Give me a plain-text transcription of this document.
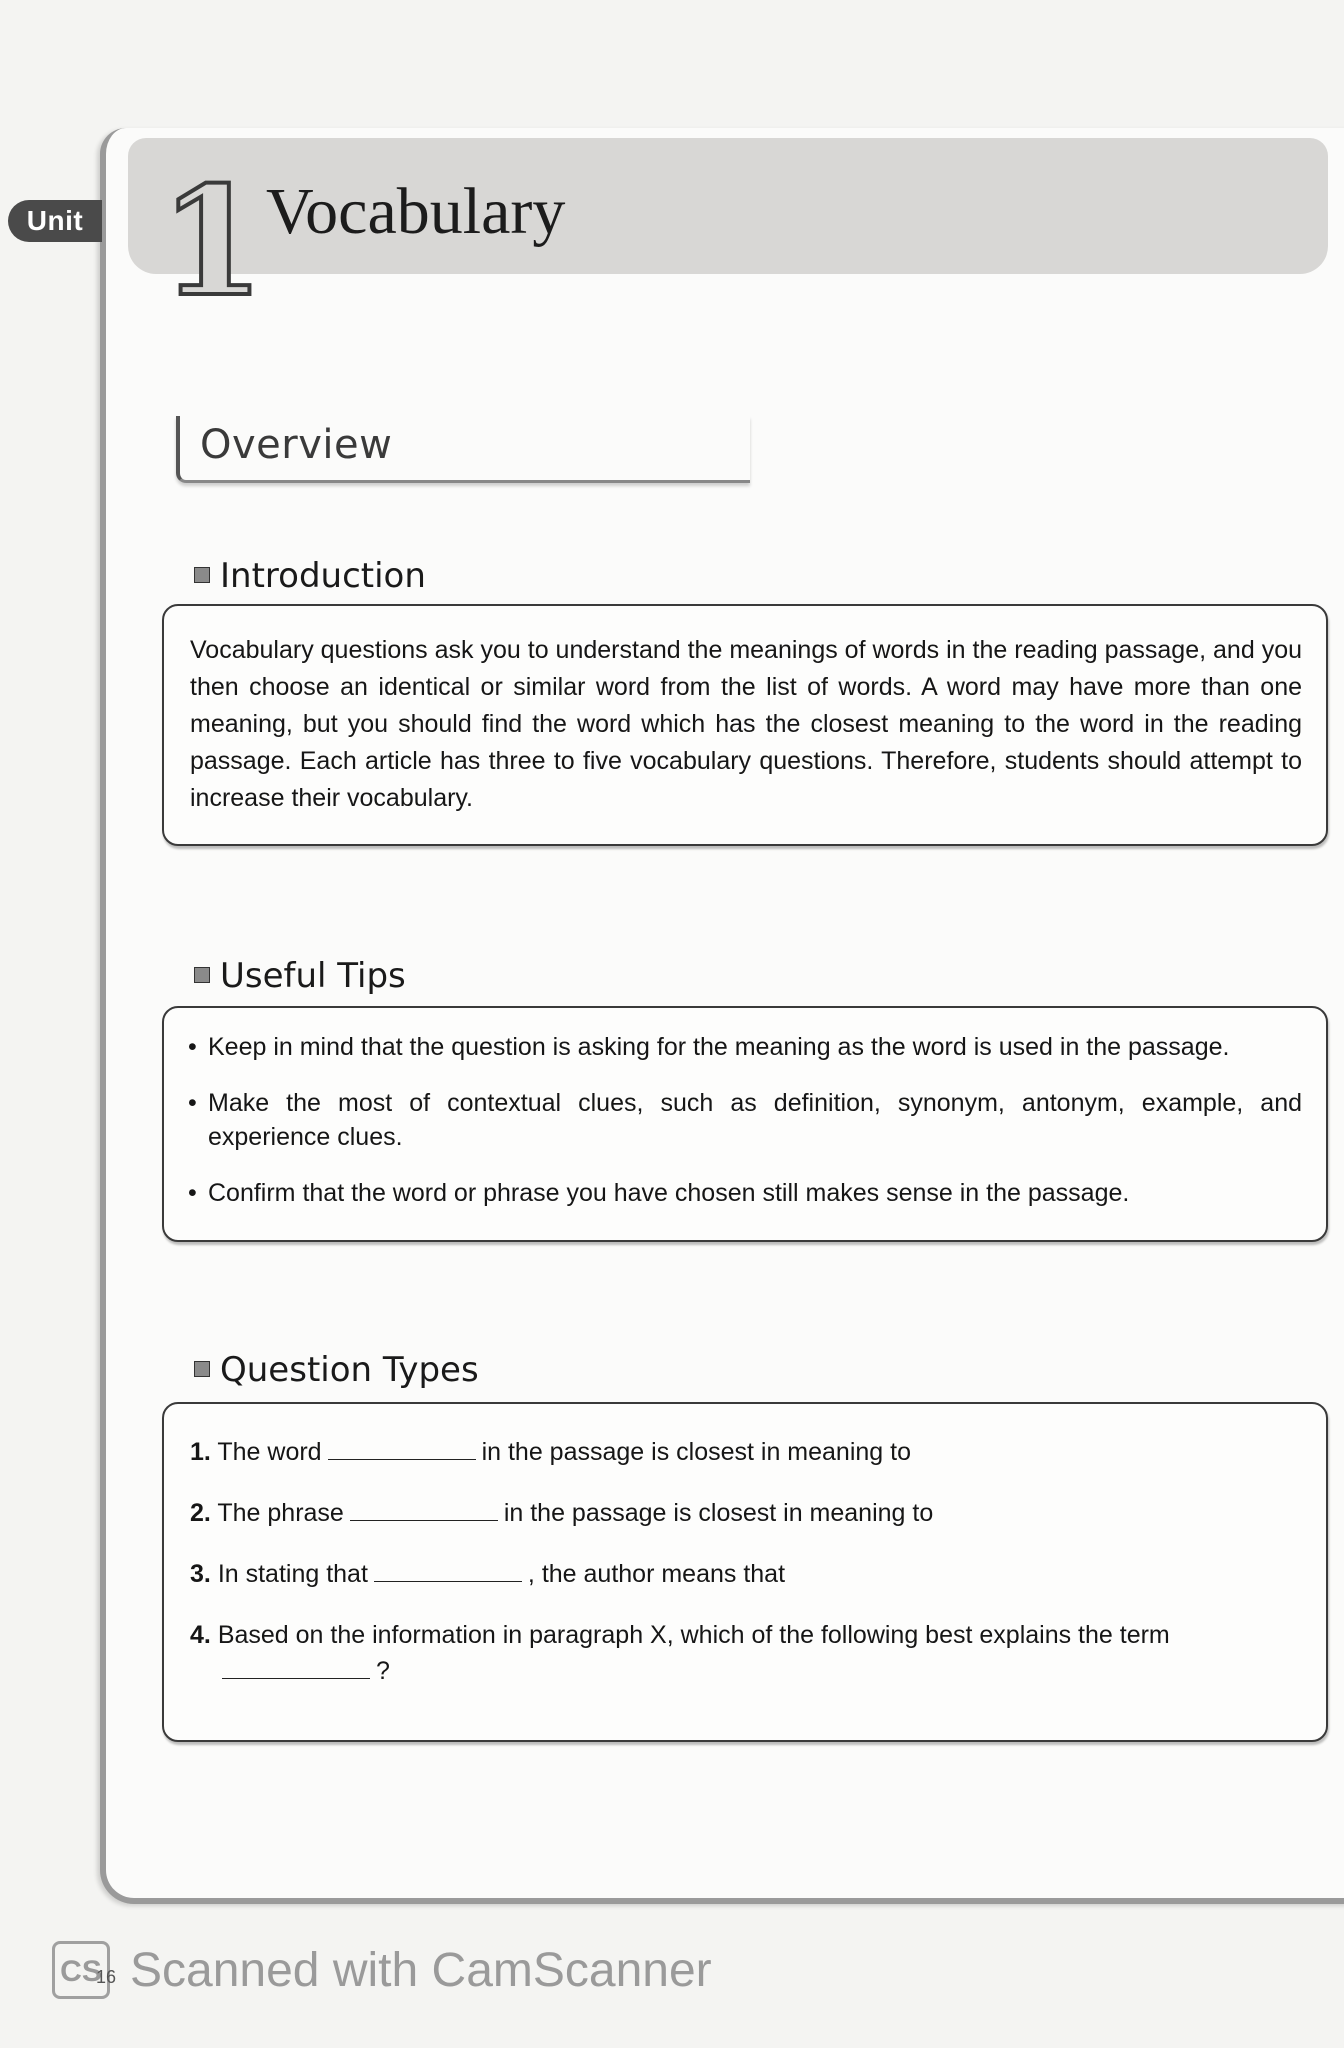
Unit 1 Vocabulary
Overview
Introduction
Vocabulary questions ask you to understand the meanings of words in the reading passage, and you then choose an identical or similar word from the list of words. A word may have more than one meaning, but you should find the word which has the closest meaning to the word in the reading passage. Each article has three to five vocabulary questions. Therefore, students should attempt to increase their vocabulary.
Useful Tips
• Keep in mind that the question is asking for the meaning as the word is used in the passage.
• Make the most of contextual clues, such as definition, synonym, antonym, example, and experience clues.
• Confirm that the word or phrase you have chosen still makes sense in the passage.
Question Types
1. The word	in the passage is closest in meaning to
2. The phrase	in the passage is closest in meaning to
3. In stating that	, the author means that
4. Based on the information in paragraph X, which of the following best explains the term
?
CS
16 Scanned with CamScanner
